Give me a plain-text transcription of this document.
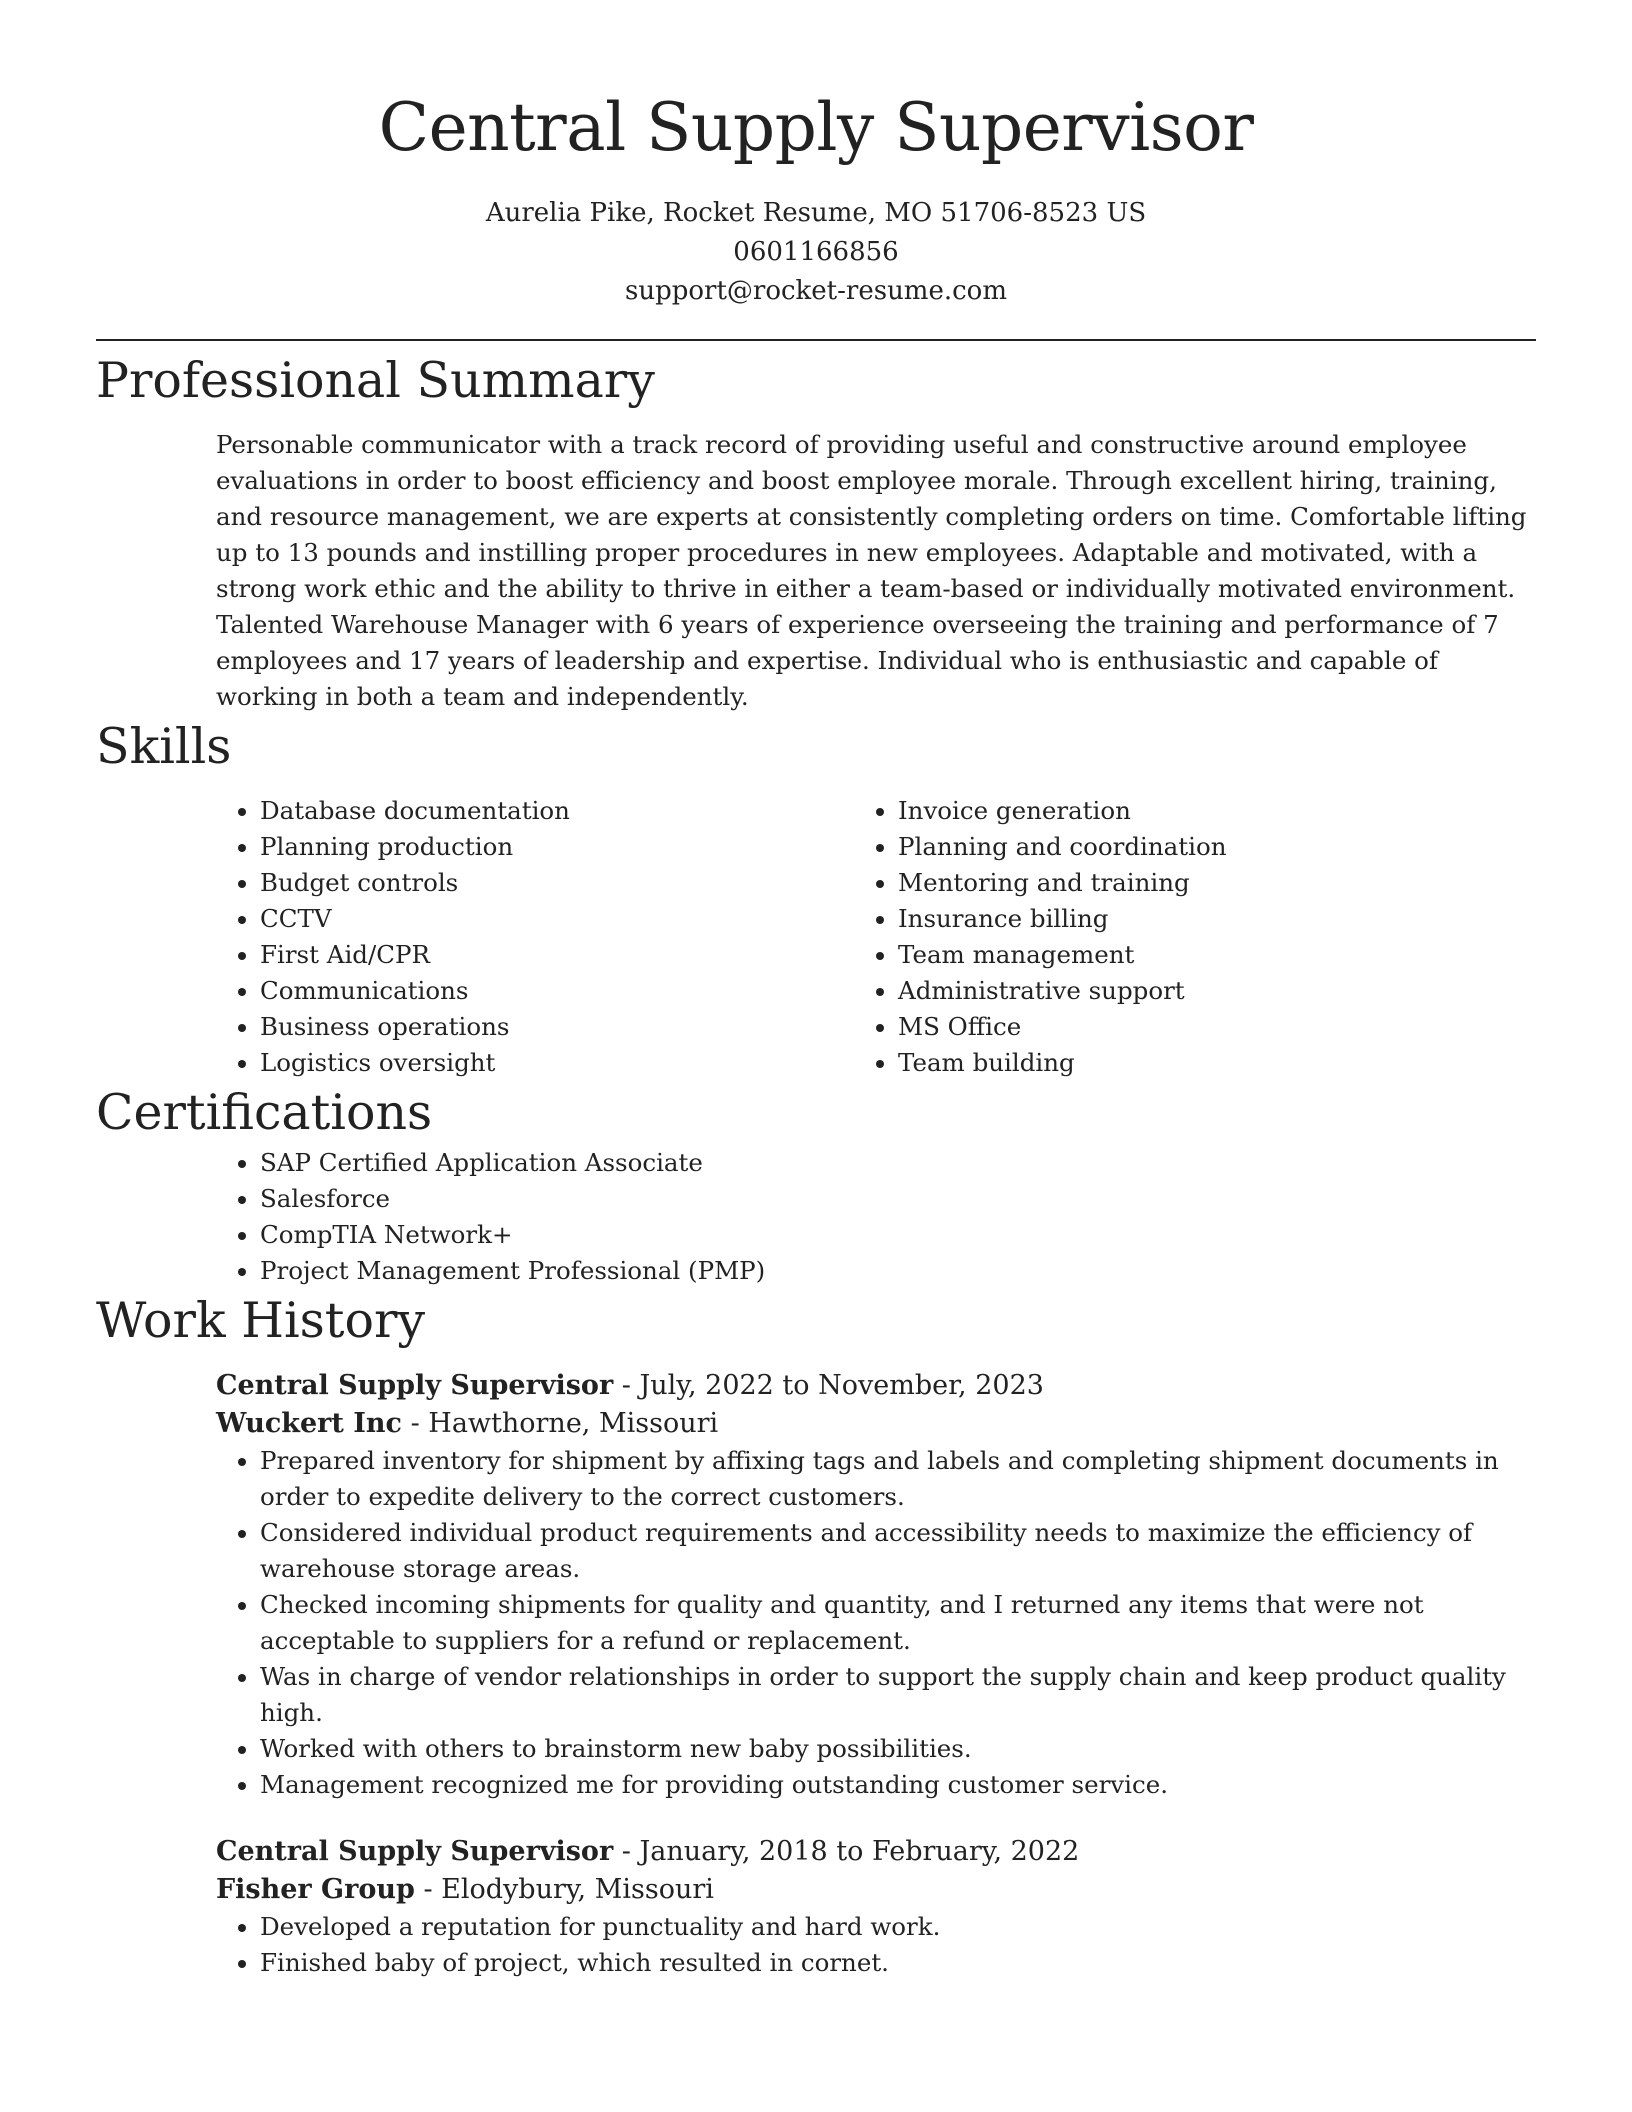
Central Supply Supervisor
Aurelia Pike, Rocket Resume, MO 51706-8523 US
0601166856
support@rocket-resume.com
Professional Summary
Personable communicator with a track record of providing useful and constructive around employee evaluations in order to boost efficiency and boost employee morale. Through excellent hiring, training, and resource management, we are experts at consistently completing orders on time. Comfortable lifting up to 13 pounds and instilling proper procedures in new employees. Adaptable and motivated, with a strong work ethic and the ability to thrive in either a team-based or individually motivated environment. Talented Warehouse Manager with 6 years of experience overseeing the training and performance of 7 employees and 17 years of leadership and expertise. Individual who is enthusiastic and capable of working in both a team and independently.
Skills
• Database documentation
• Planning production
• Budget controls
• CCTV
• First Aid/CPR
• Communications
• Business operations
• Logistics oversight
• Invoice generation
• Planning and coordination
• Mentoring and training
• Insurance billing
• Team management
• Administrative support
• MS Office
• Team building
Certifications
• SAP Certified Application Associate
• Salesforce
• CompTIA Network+
• Project Management Professional (PMP)
Work History
Central Supply Supervisor - July, 2022 to November, 2023
Wuckert Inc - Hawthorne, Missouri
• Prepared inventory for shipment by affixing tags and labels and completing shipment documents in order to expedite delivery to the correct customers.
• Considered individual product requirements and accessibility needs to maximize the efficiency of warehouse storage areas.
• Checked incoming shipments for quality and quantity, and I returned any items that were not acceptable to suppliers for a refund or replacement.
• Was in charge of vendor relationships in order to support the supply chain and keep product quality high.
• Worked with others to brainstorm new baby possibilities.
• Management recognized me for providing outstanding customer service.
Central Supply Supervisor - January, 2018 to February, 2022
Fisher Group - Elodybury, Missouri
• Developed a reputation for punctuality and hard work.
• Finished baby of project, which resulted in cornet.
